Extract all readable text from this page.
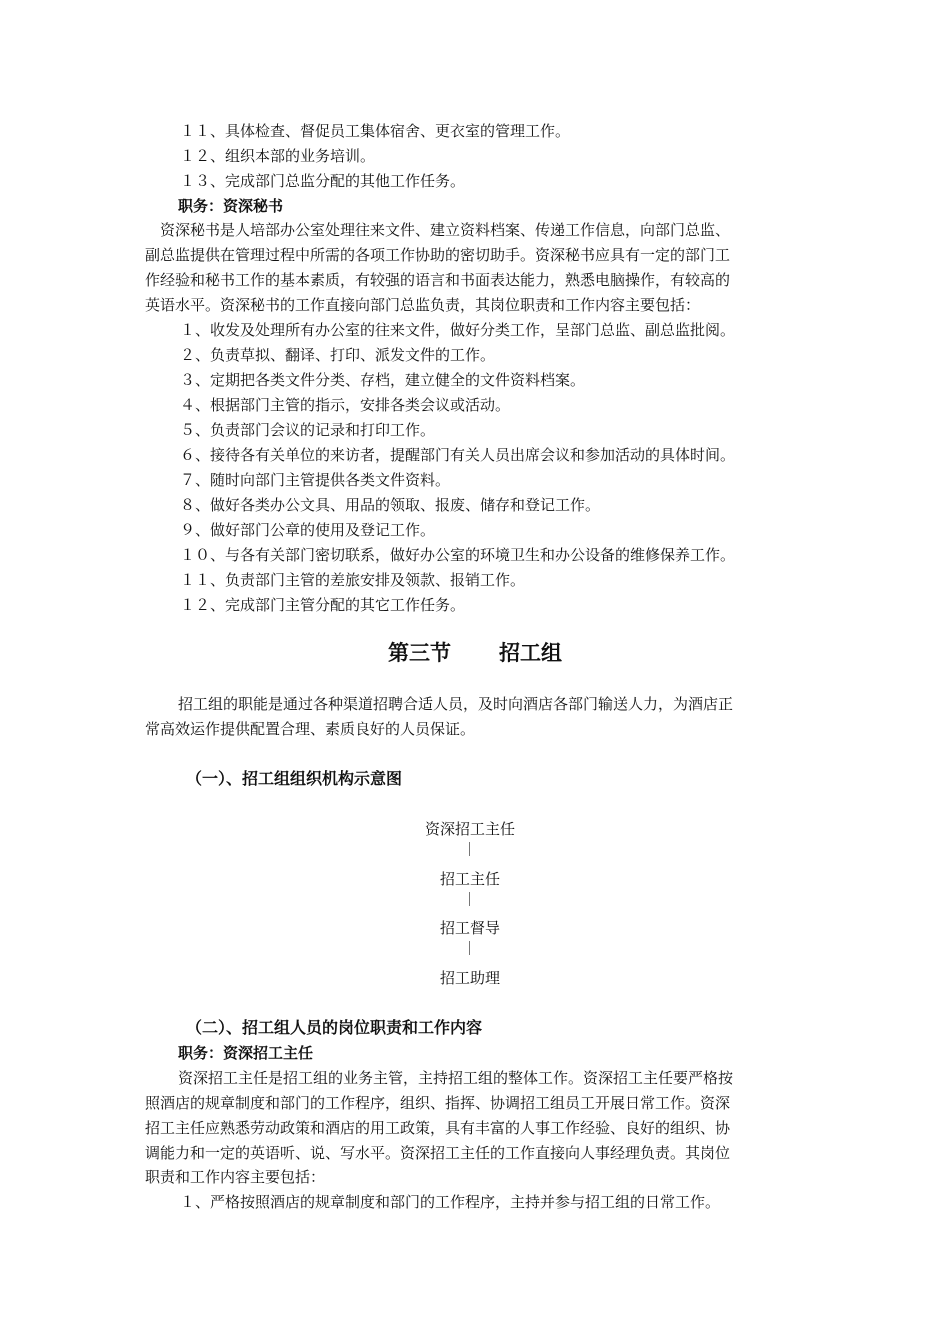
１１、具体检查、督促员工集体宿舍、更衣室的管理工作。
１２、组织本部的业务培训。
１３、完成部门总监分配的其他工作任务。
职务：资深秘书
资深秘书是人培部办公室处理往来文件、建立资料档案、传递工作信息，向部门总监、
副总监提供在管理过程中所需的各项工作协助的密切助手。资深秘书应具有一定的部门工
作经验和秘书工作的基本素质，有较强的语言和书面表达能力，熟悉电脑操作，有较高的
英语水平。资深秘书的工作直接向部门总监负责，其岗位职责和工作内容主要包括：
１、收发及处理所有办公室的往来文件，做好分类工作，呈部门总监、副总监批阅。
２、负责草拟、翻译、打印、派发文件的工作。
３、定期把各类文件分类、存档，建立健全的文件资料档案。
４、根据部门主管的指示，安排各类会议或活动。
５、负责部门会议的记录和打印工作。
６、接待各有关单位的来访者，提醒部门有关人员出席会议和参加活动的具体时间。
７、随时向部门主管提供各类文件资料。
８、做好各类办公文具、用品的领取、报废、储存和登记工作。
９、做好部门公章的使用及登记工作。
１０、与各有关部门密切联系，做好办公室的环境卫生和办公设备的维修保养工作。
１１、负责部门主管的差旅安排及领款、报销工作。
１２、完成部门主管分配的其它工作任务。
第三节 招工组
招工组的职能是通过各种渠道招聘合适人员，及时向酒店各部门输送人力，为酒店正
常高效运作提供配置合理、素质良好的人员保证。
（一）、招工组组织机构示意图
资深招工主任
招工主任
招工督导
招工助理
（二）、招工组人员的岗位职责和工作内容
职务：资深招工主任
资深招工主任是招工组的业务主管，主持招工组的整体工作。资深招工主任要严格按
照酒店的规章制度和部门的工作程序，组织、指挥、协调招工组员工开展日常工作。资深
招工主任应熟悉劳动政策和酒店的用工政策，具有丰富的人事工作经验、良好的组织、协
调能力和一定的英语听、说、写水平。资深招工主任的工作直接向人事经理负责。其岗位
职责和工作内容主要包括：
１、严格按照酒店的规章制度和部门的工作程序，主持并参与招工组的日常工作。
